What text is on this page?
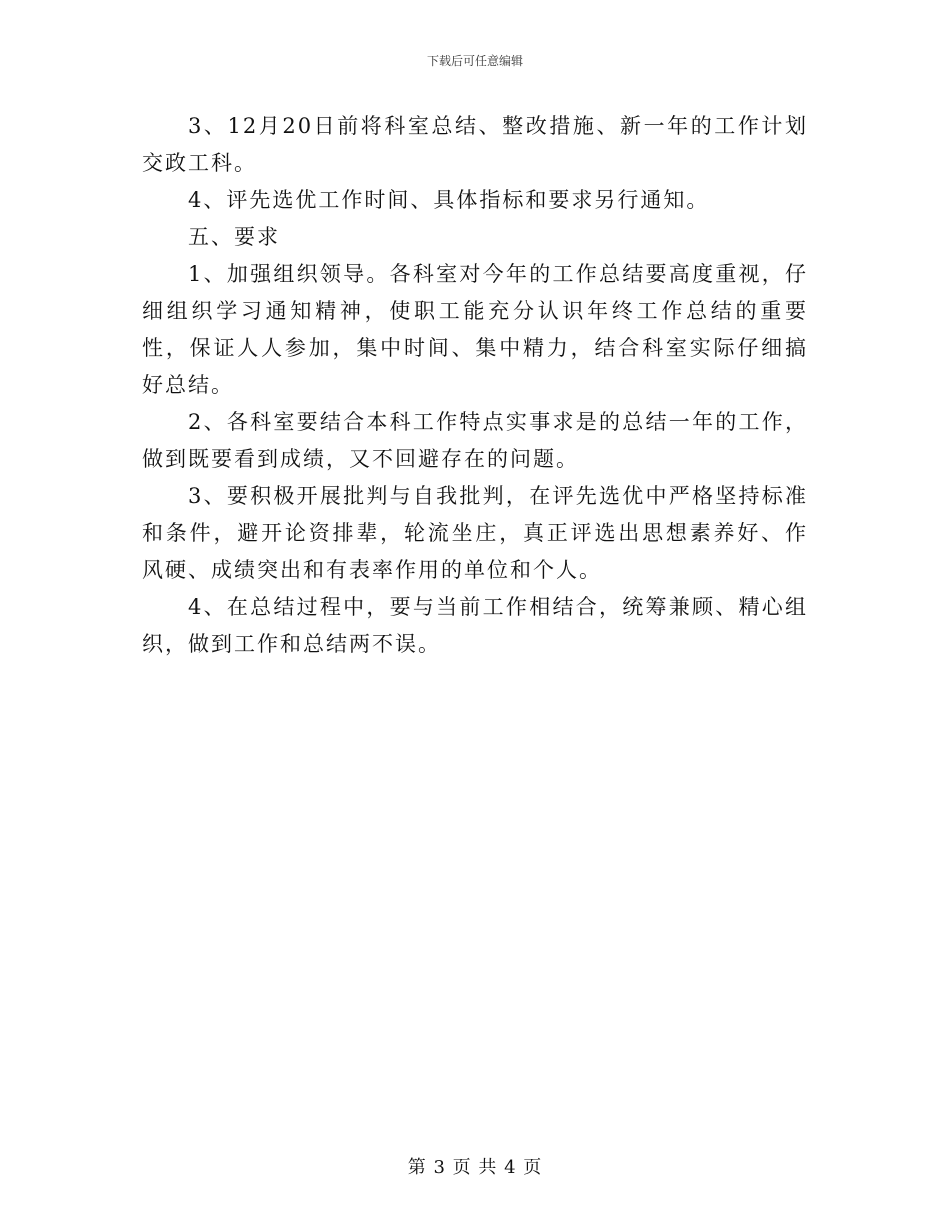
下载后可任意编辑

3、12月20日前将科室总结、整改措施、新一年的工作计划交政工科。

4、评先选优工作时间、具体指标和要求另行通知。

五、要求

1、加强组织领导。各科室对今年的工作总结要高度重视，仔细组织学习通知精神，使职工能充分认识年终工作总结的重要性，保证人人参加，集中时间、集中精力，结合科室实际仔细搞好总结。

2、各科室要结合本科工作特点实事求是的总结一年的工作，做到既要看到成绩，又不回避存在的问题。

3、要积极开展批判与自我批判，在评先选优中严格坚持标准和条件，避开论资排辈，轮流坐庄，真正评选出思想素养好、作风硬、成绩突出和有表率作用的单位和个人。

4、在总结过程中，要与当前工作相结合，统筹兼顾、精心组织，做到工作和总结两不误。

第 3 页 共 4 页
